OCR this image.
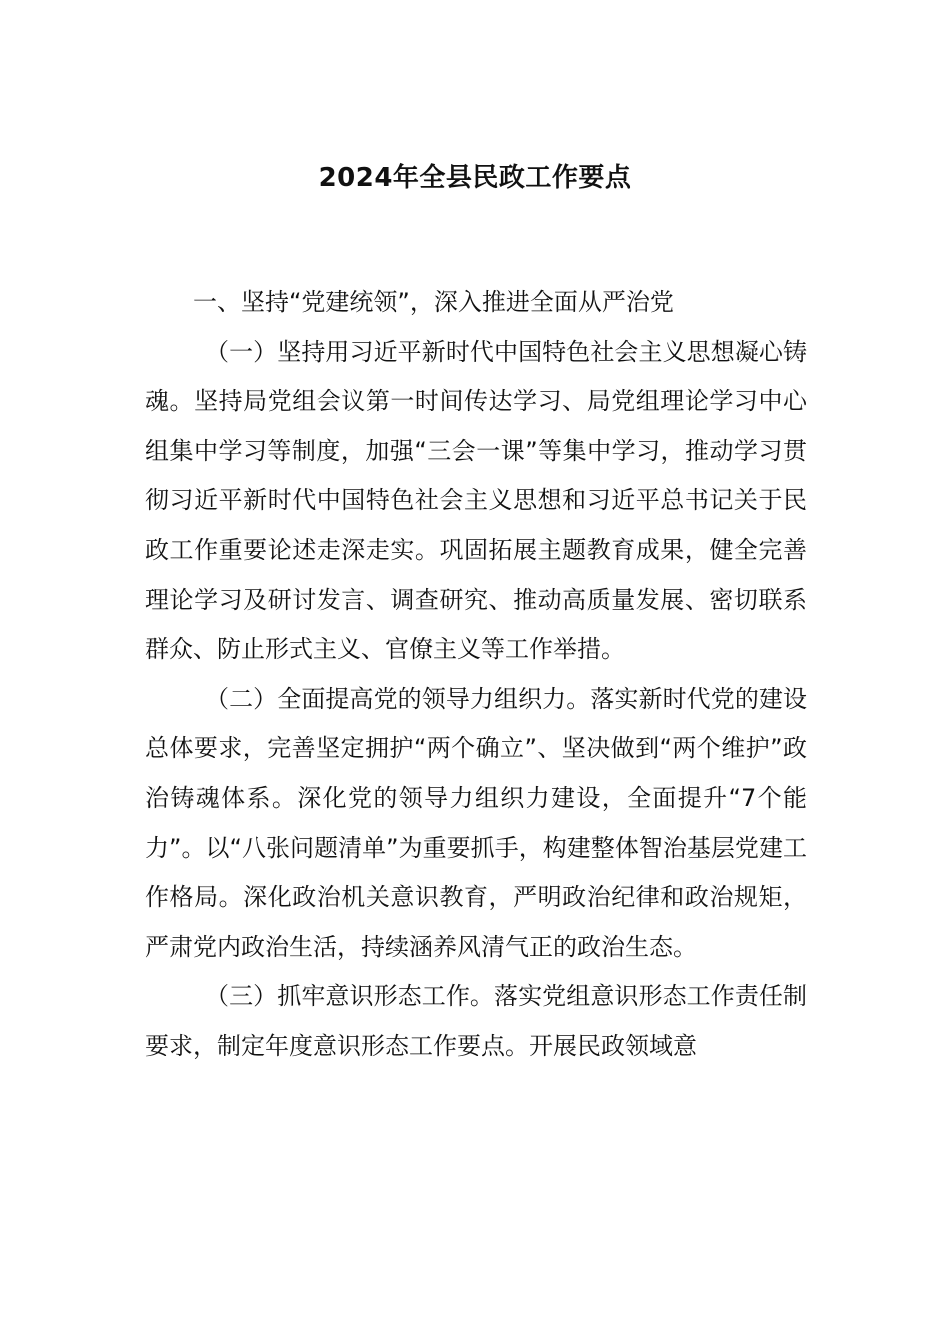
2024年全县民政工作要点

一、坚持“党建统领”，深入推进全面从严治党

（一）坚持用习近平新时代中国特色社会主义思想凝心铸魂。坚持局党组会议第一时间传达学习、局党组理论学习中心组集中学习等制度，加强“三会一课”等集中学习，推动学习贯彻习近平新时代中国特色社会主义思想和习近平总书记关于民政工作重要论述走深走实。巩固拓展主题教育成果，健全完善理论学习及研讨发言、调查研究、推动高质量发展、密切联系群众、防止形式主义、官僚主义等工作举措。

（二）全面提高党的领导力组织力。落实新时代党的建设总体要求，完善坚定拥护“两个确立”、坚决做到“两个维护”政治铸魂体系。深化党的领导力组织力建设，全面提升“7个能力”。以“八张问题清单”为重要抓手，构建整体智治基层党建工作格局。深化政治机关意识教育，严明政治纪律和政治规矩，严肃党内政治生活，持续涵养风清气正的政治生态。

（三）抓牢意识形态工作。落实党组意识形态工作责任制要求，制定年度意识形态工作要点。开展民政领域意
